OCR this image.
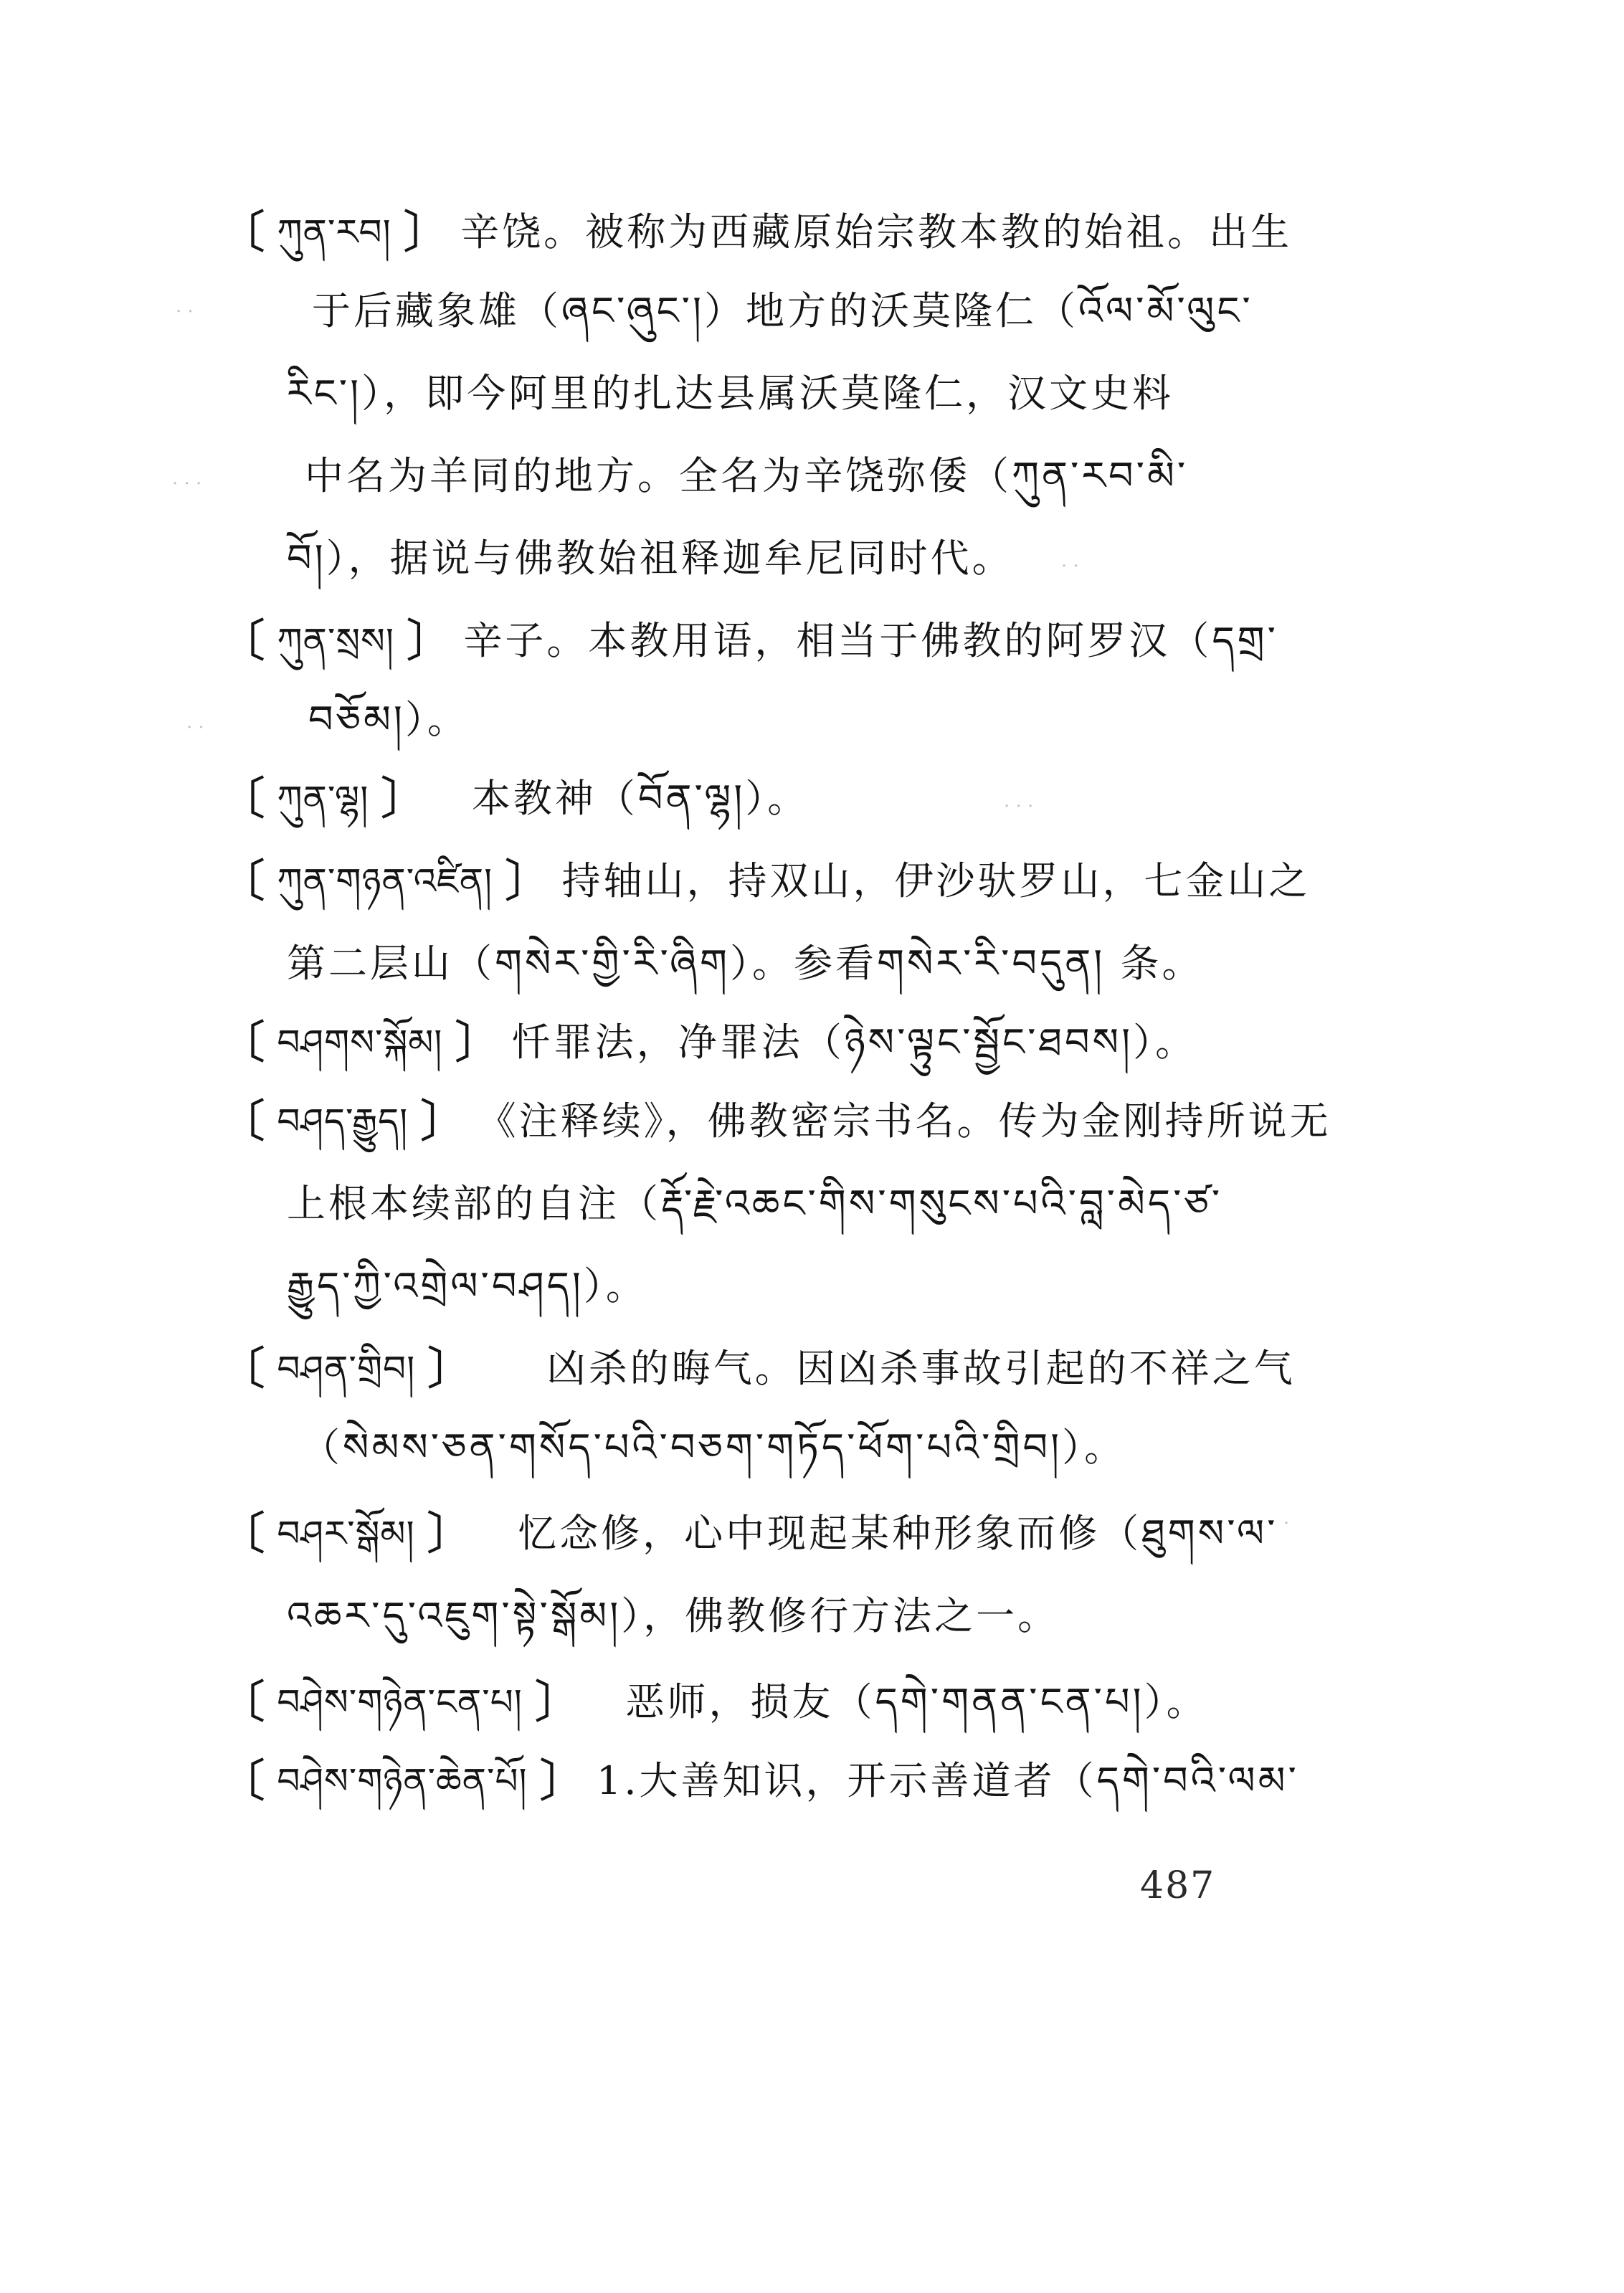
〔 ཀུན་རབ། 〕 辛饶。被称为西藏原始宗教本教的始祖。出生
于后藏象雄（ཞང་ཞུང་།）地方的沃莫隆仁（འོལ་མོ་ལུང་
རིང་།），即今阿里的扎达县属沃莫隆仁，汉文史料
中名为羊同的地方。全名为辛饶弥倭（ཀུན་རབ་མི་
བོ།），据说与佛教始祖释迦牟尼同时代。
〔 ཀུན་སྲས། 〕 辛子。本教用语，相当于佛教的阿罗汉（དགྲ་
བཅོམ།）。
〔 ཀུན་ལྷ། 〕 本教神（བོན་ལྷ།）。
〔 ཀུན་གཉན་འཛིན། 〕 持轴山，持双山，伊沙驮罗山，七金山之
第二层山（གསེར་གྱི་རི་ཞིག）。参看གསེར་རི་བདུན། 条。
〔 བཤགས་སྐོམ། 〕 忏罪法，净罪法（ཉེས་ལྟུང་སྦྱོང་ཐབས།）。
〔 བཤད་རྒྱུད། 〕 《注释续》，佛教密宗书名。传为金刚持所说无
上根本续部的自注（རྡོ་རྗེ་འཆང་གིས་གསུངས་པའི་བླ་མེད་ཙ་
རྒྱུད་ཀྱི་འགྲེལ་བཤད།）。
〔 བཤན་གྲིབ། 〕 凶杀的晦气。因凶杀事故引起的不祥之气
（སེམས་ཅན་གསོད་པའི་བཅག་གཏོད་ཕོག་པའི་གྲིབ།）。
〔 བཤར་སྒོམ། 〕 忆念修，心中现起某种形象而修（ཐུགས་ལ་
འཆར་དུ་འཇུག་སྟེ་སྒོམ།），佛教修行方法之一。
〔 བཤེས་གཉེན་ངན་པ། 〕 恶师，损友（དགེ་གནན་ངན་པ།）。
〔 བཤེས་གཉེན་ཆེན་པོ། 〕 1.大善知识，开示善道者（དགེ་བའི་ལམ་
487
· ·
· · ·
· ·
· ·
· · ·
·
